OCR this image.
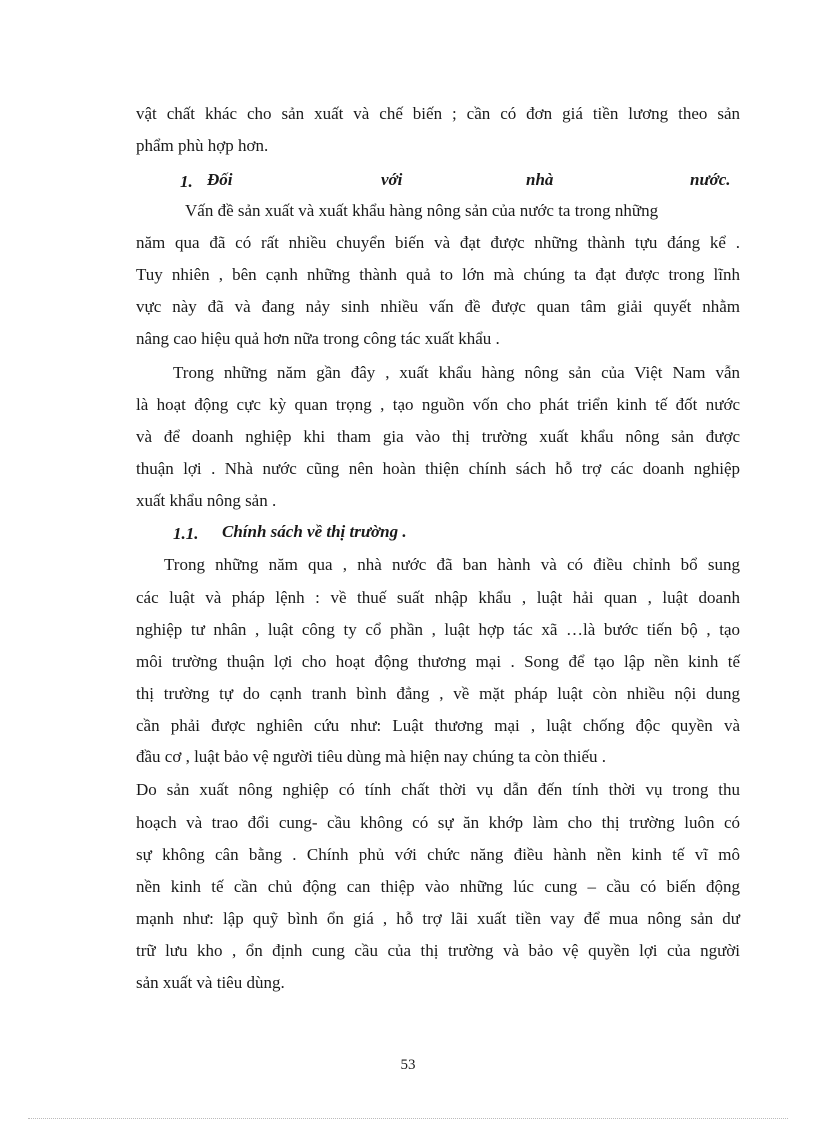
vật chất khác cho sản xuất và chế biến ; cần có đơn giá tiền lương theo sản
phẩm phù hợp hơn.
1. Đối	với	nhà	nước.
Vấn đề sản xuất và xuất khẩu hàng nông sản của nước ta trong những
năm qua đã có rất nhiều chuyển biến và đạt được những thành tựu đáng kể .
Tuy nhiên , bên cạnh những thành quả to lớn mà chúng ta đạt được trong lĩnh
vực này đã và đang nảy sinh nhiều vấn đề được quan tâm giải quyết nhằm
nâng cao hiệu quả hơn nữa trong công tác xuất khẩu .
Trong những năm gần đây , xuất khẩu hàng nông sản của Việt Nam vẫn
là hoạt động cực kỳ quan trọng , tạo nguồn vốn cho phát triển kinh tế đốt nước
và để doanh nghiệp khi tham gia vào thị trường xuất khẩu nông sản được
thuận lợi . Nhà nước cũng nên hoàn thiện chính sách hỗ trợ các doanh nghiệp
xuất khẩu nông sản .
1.1. Chính sách về thị trường .
Trong những năm qua , nhà nước đã ban hành và có điều chỉnh bổ sung
các luật và pháp lệnh : về thuế suất nhập khẩu , luật hải quan , luật doanh
nghiệp tư nhân , luật công ty cổ phần , luật hợp tác xã …là bước tiến bộ , tạo
môi trường thuận lợi cho hoạt động thương mại . Song để tạo lập nền kinh tế
thị trường tự do cạnh tranh bình đẳng , về mặt pháp luật còn nhiều nội dung
cần phải được nghiên cứu như: Luật thương mại , luật chống độc quyền và
đầu cơ , luật bảo vệ người tiêu dùng mà hiện nay chúng ta còn thiếu .
Do sản xuất nông nghiệp có tính chất thời vụ dẫn đến tính thời vụ trong thu
hoạch và trao đổi cung- cầu không có sự ăn khớp làm cho thị trường luôn có
sự không cân bằng . Chính phủ với chức năng điều hành nền kinh tế vĩ mô
nền kinh tế cần chủ động can thiệp vào những lúc cung – cầu có biến động
mạnh như: lập quỹ bình ổn giá , hỗ trợ lãi xuất tiền vay để mua nông sản dư
trữ lưu kho , ổn định cung cầu của thị trường và bảo vệ quyền lợi của người
sản xuất và tiêu dùng.
53
